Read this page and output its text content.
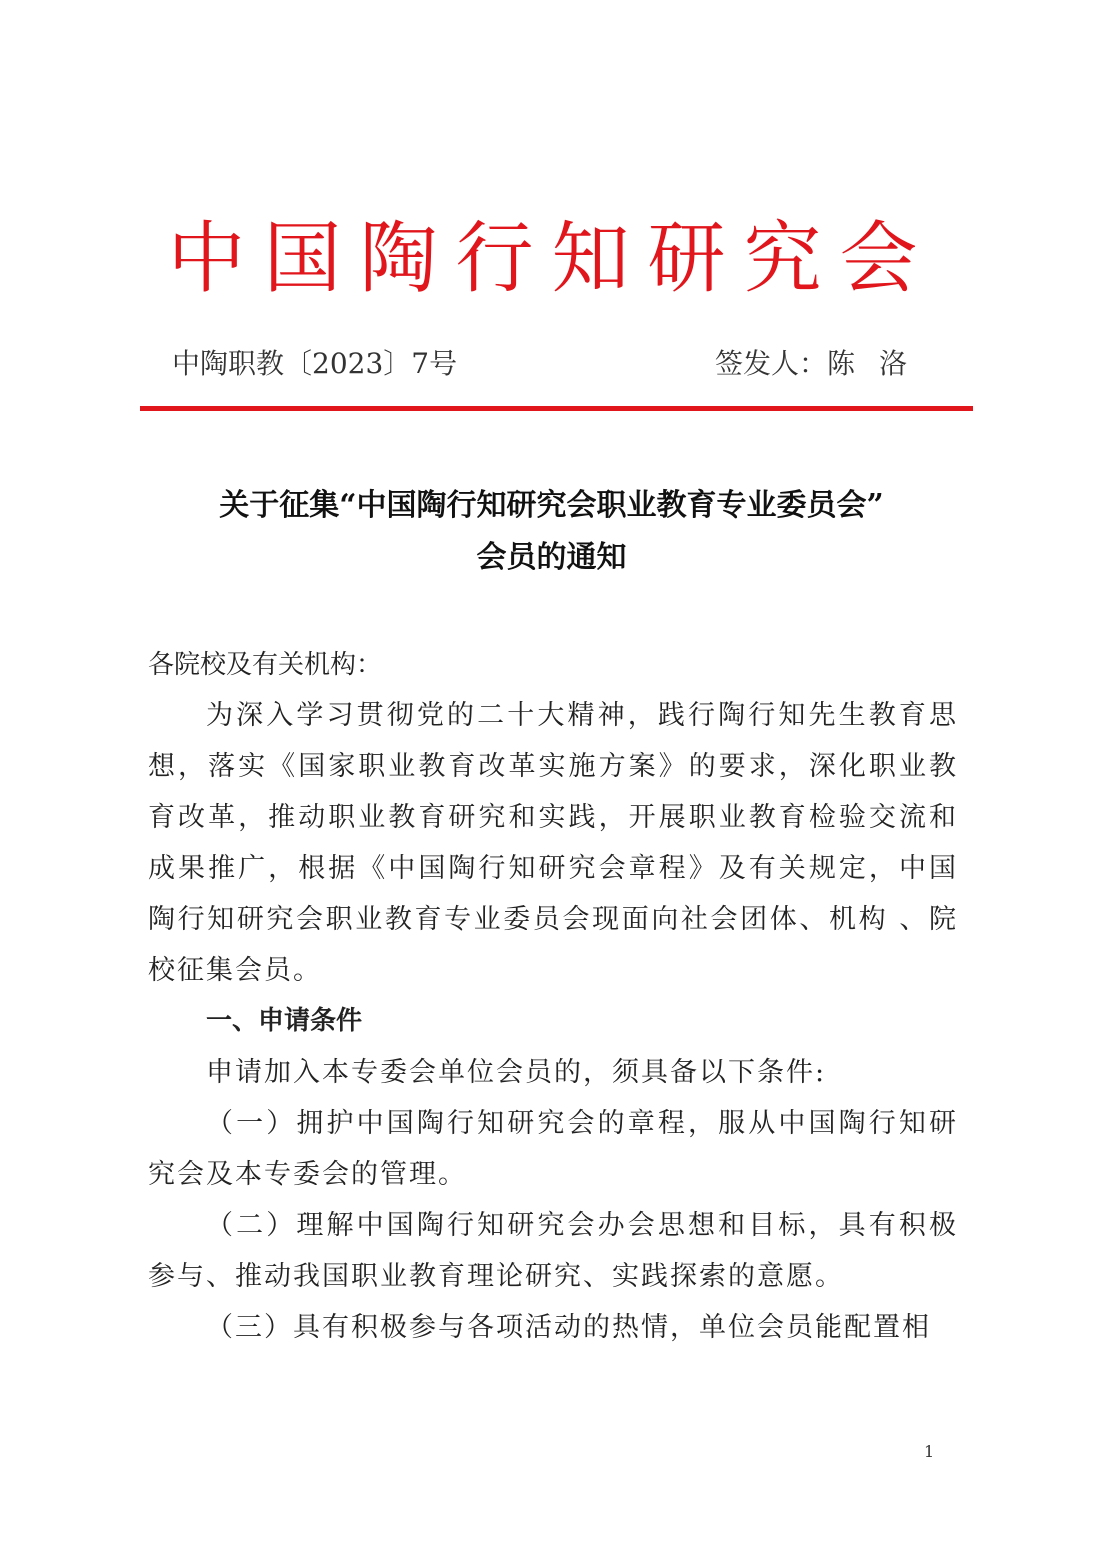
中国陶行知研究会
中陶职教〔2023〕7号	签发人：陈洛
关于征集“中国陶行知研究会职业教育专业委员会”
会员的通知

各院校及有关机构：

为深入学习贯彻党的二十大精神，践行陶行知先生教育思想，落实《国家职业教育改革实施方案》的要求，深化职业教育改革，推动职业教育研究和实践，开展职业教育检验交流和成果推广，根据《中国陶行知研究会章程》及有关规定，中国陶行知研究会职业教育专业委员会现面向社会团体、机构 、院校征集会员。

一、申请条件

申请加入本专委会单位会员的，须具备以下条件:

（一）拥护中国陶行知研究会的章程，服从中国陶行知研究会及本专委会的管理。

（二）理解中国陶行知研究会办会思想和目标，具有积极参与、推动我国职业教育理论研究、实践探索的意愿。

（三）具有积极参与各项活动的热情，单位会员能配置相

1
